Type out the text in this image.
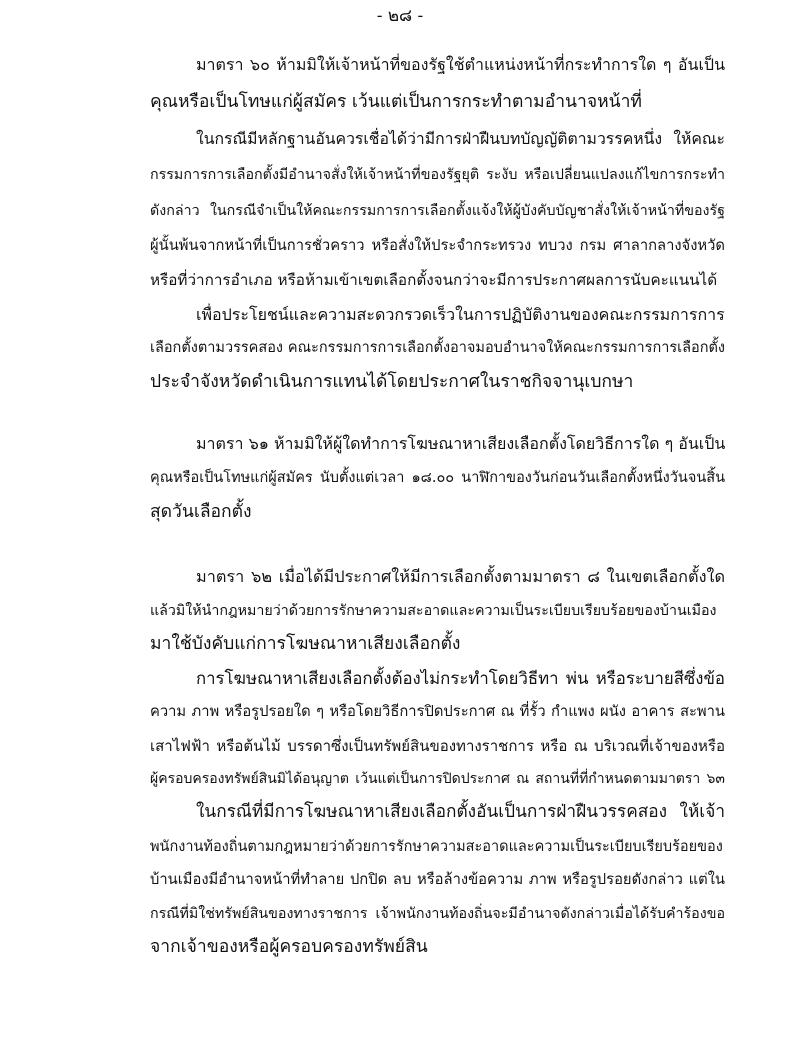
- ๒๘ -
มาตรา ๖๐ ห้ามมิให้เจ้าหน้าที่ของรัฐใช้ตำแหน่งหน้าที่กระทำการใด ๆ อันเป็น
คุณหรือเป็นโทษแก่ผู้สมัคร เว้นแต่เป็นการกระทำตามอำนาจหน้าที่
ในกรณีมีหลักฐานอันควรเชื่อได้ว่ามีการฝ่าฝืนบทบัญญัติตามวรรคหนึ่ง ให้คณะ
กรรมการการเลือกตั้งมีอำนาจสั่งให้เจ้าหน้าที่ของรัฐยุติ ระงับ หรือเปลี่ยนแปลงแก้ไขการกระทำ
ดังกล่าว ในกรณีจำเป็นให้คณะกรรมการการเลือกตั้งแจ้งให้ผู้บังคับบัญชาสั่งให้เจ้าหน้าที่ของรัฐ
ผู้นั้นพ้นจากหน้าที่เป็นการชั่วคราว หรือสั่งให้ประจำกระทรวง ทบวง กรม ศาลากลางจังหวัด
หรือที่ว่าการอำเภอ หรือห้ามเข้าเขตเลือกตั้งจนกว่าจะมีการประกาศผลการนับคะแนนได้
เพื่อประโยชน์และความสะดวกรวดเร็วในการปฏิบัติงานของคณะกรรมการการ
เลือกตั้งตามวรรคสอง คณะกรรมการการเลือกตั้งอาจมอบอำนาจให้คณะกรรมการการเลือกตั้ง
ประจำจังหวัดดำเนินการแทนได้โดยประกาศในราชกิจจานุเบกษา
มาตรา ๖๑ ห้ามมิให้ผู้ใดทำการโฆษณาหาเสียงเลือกตั้งโดยวิธีการใด ๆ อันเป็น
คุณหรือเป็นโทษแก่ผู้สมัคร นับตั้งแต่เวลา ๑๘.๐๐ นาฬิกาของวันก่อนวันเลือกตั้งหนึ่งวันจนสิ้น
สุดวันเลือกตั้ง
มาตรา ๖๒ เมื่อได้มีประกาศให้มีการเลือกตั้งตามมาตรา ๘ ในเขตเลือกตั้งใด
แล้วมิให้นำกฎหมายว่าด้วยการรักษาความสะอาดและความเป็นระเบียบเรียบร้อยของบ้านเมือง
มาใช้บังคับแก่การโฆษณาหาเสียงเลือกตั้ง
การโฆษณาหาเสียงเลือกตั้งต้องไม่กระทำโดยวิธีทา พ่น หรือระบายสีซึ่งข้อ
ความ ภาพ หรือรูปรอยใด ๆ หรือโดยวิธีการปิดประกาศ ณ ที่รั้ว กำแพง ผนัง อาคาร สะพาน
เสาไฟฟ้า หรือต้นไม้ บรรดาซึ่งเป็นทรัพย์สินของทางราชการ หรือ ณ บริเวณที่เจ้าของหรือ
ผู้ครอบครองทรัพย์สินมิได้อนุญาต เว้นแต่เป็นการปิดประกาศ ณ สถานที่ที่กำหนดตามมาตรา ๖๓
ในกรณีที่มีการโฆษณาหาเสียงเลือกตั้งอันเป็นการฝ่าฝืนวรรคสอง ให้เจ้า
พนักงานท้องถิ่นตามกฎหมายว่าด้วยการรักษาความสะอาดและความเป็นระเบียบเรียบร้อยของ
บ้านเมืองมีอำนาจหน้าที่ทำลาย ปกปิด ลบ หรือล้างข้อความ ภาพ หรือรูปรอยดังกล่าว แต่ใน
กรณีที่มิใช่ทรัพย์สินของทางราชการ เจ้าพนักงานท้องถิ่นจะมีอำนาจดังกล่าวเมื่อได้รับคำร้องขอ
จากเจ้าของหรือผู้ครอบครองทรัพย์สิน
